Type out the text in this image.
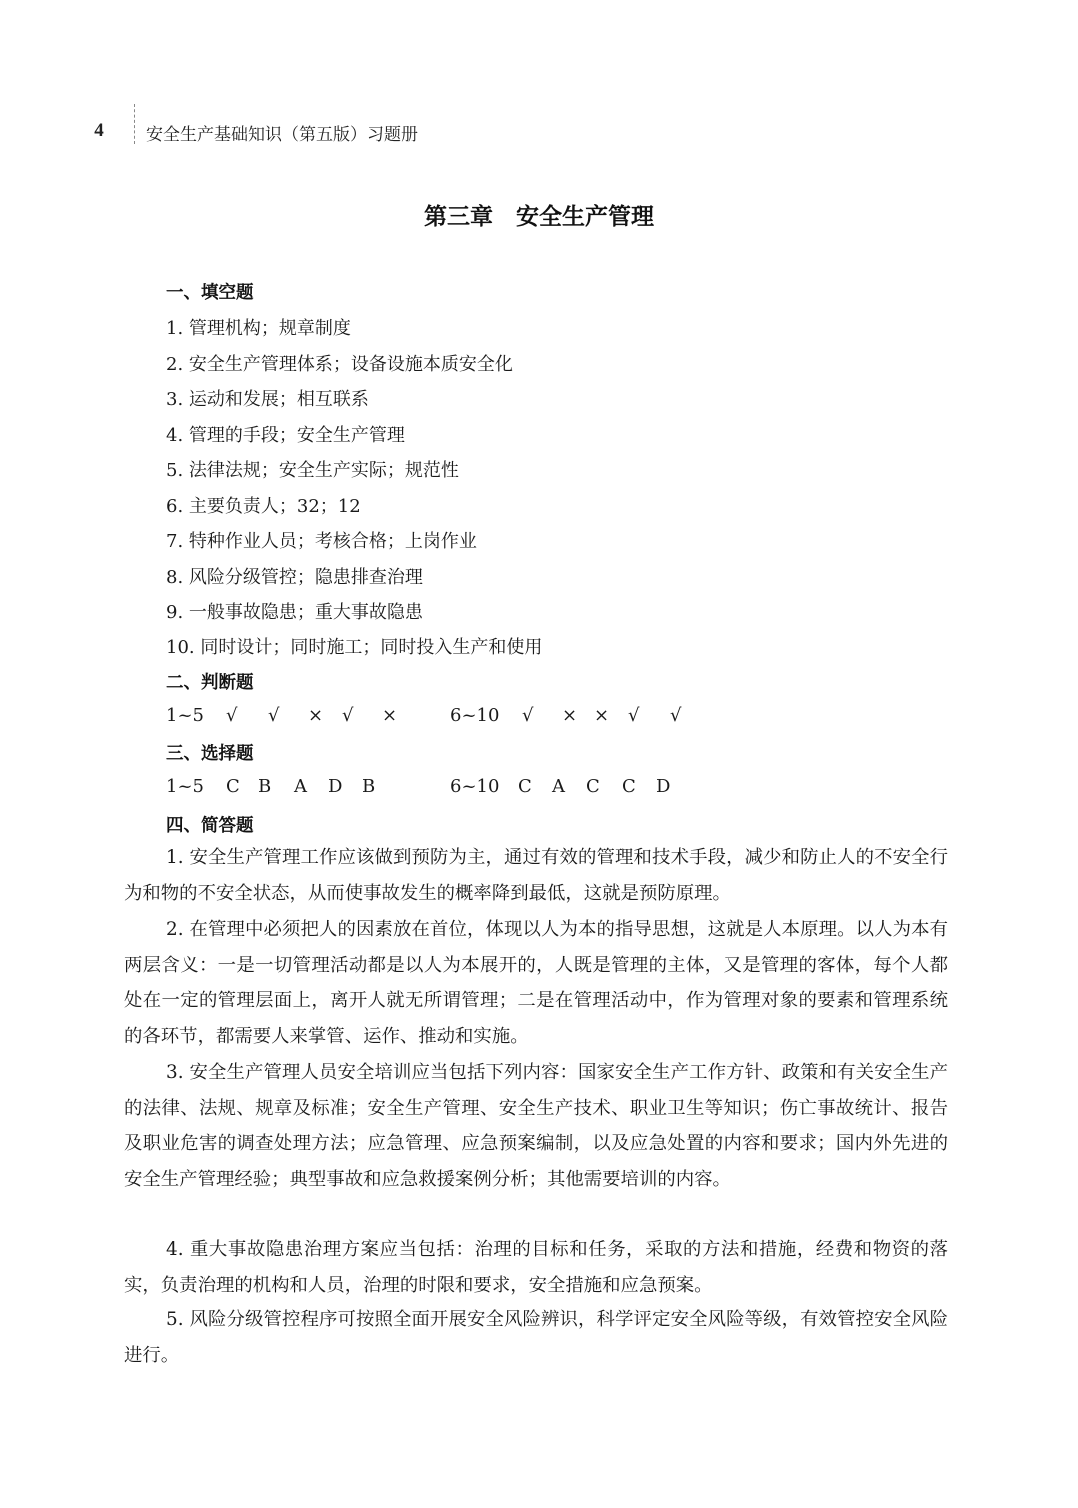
4	安全生产基础知识（第五版）习题册
第三章　安全生产管理
一、填空题
1. 管理机构；规章制度
2. 安全生产管理体系；设备设施本质安全化
3. 运动和发展；相互联系
4. 管理的手段；安全生产管理
5. 法律法规；安全生产实际；规范性
6. 主要负责人；32；12
7. 特种作业人员；考核合格；上岗作业
8. 风险分级管控；隐患排查治理
9. 一般事故隐患；重大事故隐患
10. 同时设计；同时施工；同时投入生产和使用
二、判断题
1~5 √ √ × √ ×	6~10 √ × × √ √
三、选择题
1~5 C B A D B	6~10 C A C C D
四、简答题

1. 安全生产管理工作应该做到预防为主，通过有效的管理和技术手段，减少和防止人的不安全行为和物的不安全状态，从而使事故发生的概率降到最低，这就是预防原理。

2. 在管理中必须把人的因素放在首位，体现以人为本的指导思想，这就是人本原理。以人为本有两层含义：一是一切管理活动都是以人为本展开的，人既是管理的主体，又是管理的客体，每个人都处在一定的管理层面上，离开人就无所谓管理；二是在管理活动中，作为管理对象的要素和管理系统的各环节，都需要人来掌管、运作、推动和实施。

3. 安全生产管理人员安全培训应当包括下列内容：国家安全生产工作方针、政策和有关安全生产的法律、法规、规章及标准；安全生产管理、安全生产技术、职业卫生等知识；伤亡事故统计、报告及职业危害的调查处理方法；应急管理、应急预案编制，以及应急处置的内容和要求；国内外先进的安全生产管理经验；典型事故和应急救援案例分析；其他需要培训的内容。

4. 重大事故隐患治理方案应当包括：治理的目标和任务，采取的方法和措施，经费和物资的落实，负责治理的机构和人员，治理的时限和要求，安全措施和应急预案。

5. 风险分级管控程序可按照全面开展安全风险辨识，科学评定安全风险等级，有效管控安全风险进行。
